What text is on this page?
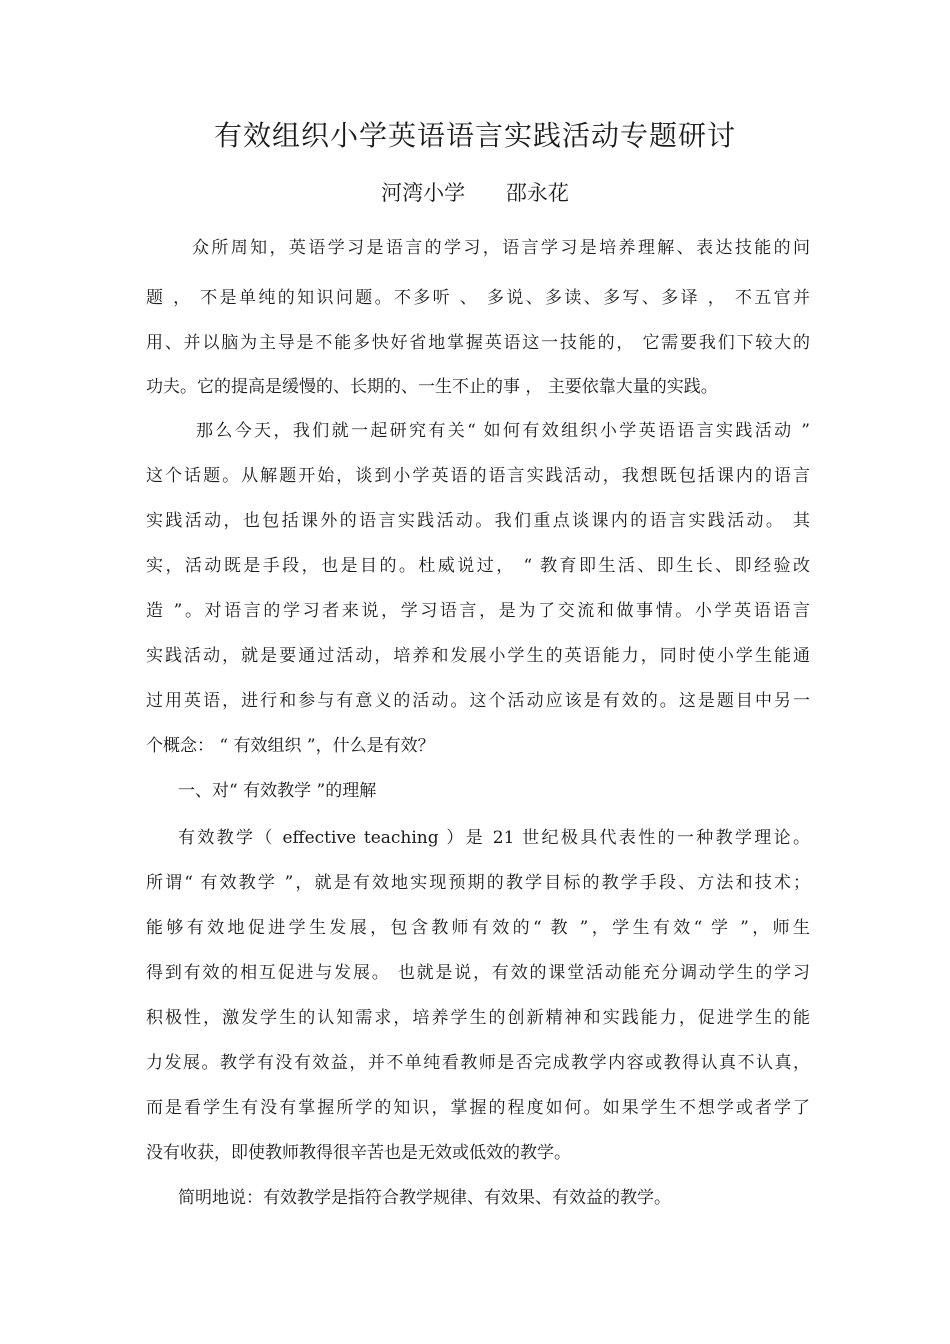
有效组织小学英语语言实践活动专题研讨
河湾小学 邵永花
众所周知，英语学习是语言的学习，语言学习是培养理解、表达技能的问
题 ， 不是单纯的知识问题。不多听 、 多说、多读、多写、多译 ， 不五官并
用、并以脑为主导是不能多快好省地掌握英语这一技能的， 它需要我们下较大的
功夫。它的提高是缓慢的、长期的、一生不止的事 ， 主要依靠大量的实践。
那么今天，我们就一起研究有关“ 如何有效组织小学英语语言实践活动 ”
这个话题。从解题开始，谈到小学英语的语言实践活动，我想既包括课内的语言
实践活动，也包括课外的语言实践活动。我们重点谈课内的语言实践活动。 其
实，活动既是手段，也是目的。杜威说过， “ 教育即生活、即生长、即经验改
造 ”。对语言的学习者来说，学习语言，是为了交流和做事情。小学英语语言
实践活动，就是要通过活动，培养和发展小学生的英语能力，同时使小学生能通
过用英语，进行和参与有意义的活动。这个活动应该是有效的。这是题目中另一
个概念： “ 有效组织 ”，什么是有效？
一、对“ 有效教学 ”的理解
有效教学（ effective teaching ）是 21 世纪极具代表性的一种教学理论。
所谓“ 有效教学 ”，就是有效地实现预期的教学目标的教学手段、方法和技术；
能够有效地促进学生发展，包含教师有效的“ 教 ”，学生有效“ 学 ”，师生
得到有效的相互促进与发展。 也就是说，有效的课堂活动能充分调动学生的学习
积极性，激发学生的认知需求，培养学生的创新精神和实践能力，促进学生的能
力发展。教学有没有效益，并不单纯看教师是否完成教学内容或教得认真不认真，
而是看学生有没有掌握所学的知识，掌握的程度如何。如果学生不想学或者学了
没有收获，即使教师教得很辛苦也是无效或低效的教学。
简明地说：有效教学是指符合教学规律、有效果、有效益的教学。
